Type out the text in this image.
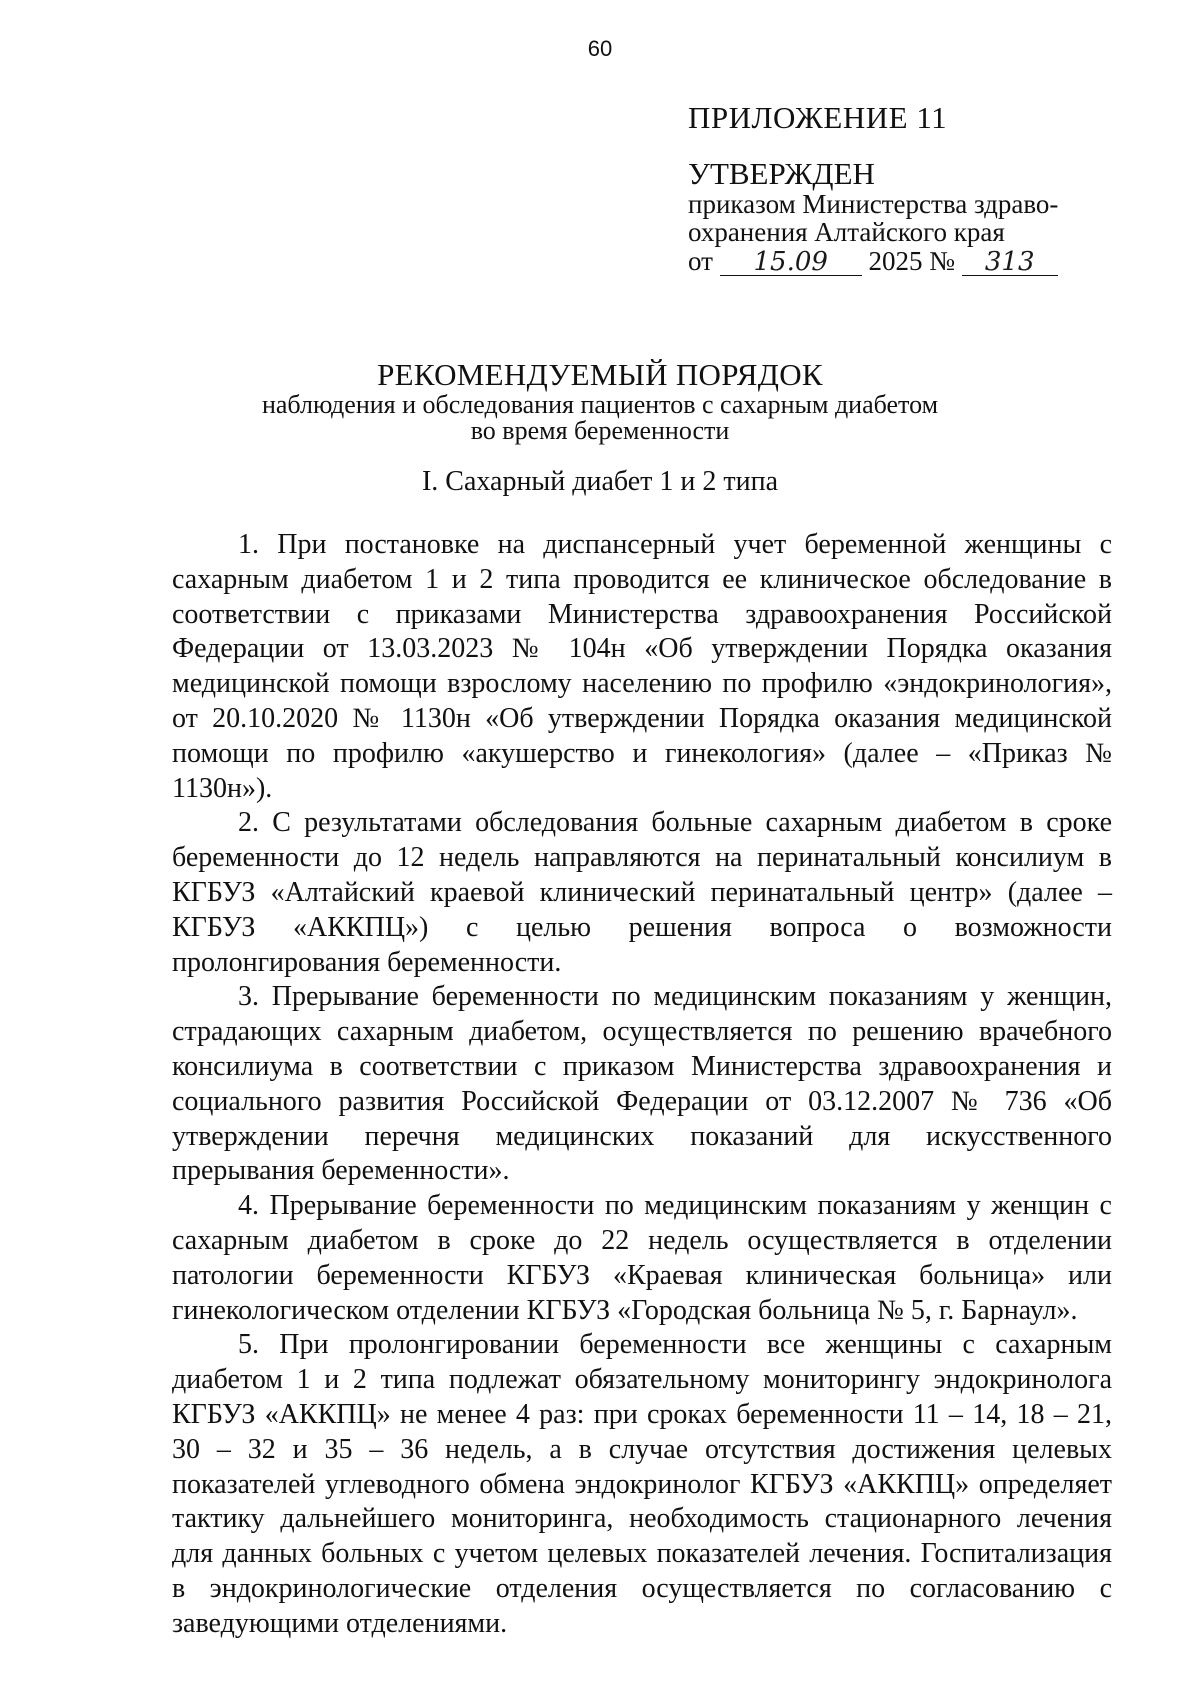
60

ПРИЛОЖЕНИЕ 11

УТВЕРЖДЕН

приказом Министерства здраво-

охранения Алтайского края

от 15.09 2025 № 313

РЕКОМЕНДУЕМЫЙ ПОРЯДОК

наблюдения и обследования пациентов с сахарным диабетом

во время беременности

I. Сахарный диабет 1 и 2 типа

1. При постановке на диспансерный учет беременной женщины с сахарным диабетом 1 и 2 типа проводится ее клиническое обследование в соответствии с приказами Министерства здравоохранения Российской Федерации от 13.03.2023 № 104н «Об утверждении Порядка оказания медицинской помощи взрослому населению по профилю «эндокринология», от 20.10.2020 № 1130н «Об утверждении Порядка оказания медицинской помощи по профилю «акушерство и гинекология» (далее – «Приказ № 1130н»).

2. С результатами обследования больные сахарным диабетом в сроке беременности до 12 недель направляются на перинатальный консилиум в КГБУЗ «Алтайский краевой клинический перинатальный центр» (далее – КГБУЗ «АККПЦ») с целью решения вопроса о возможности пролонгирования беременности.

3. Прерывание беременности по медицинским показаниям у женщин, страдающих сахарным диабетом, осуществляется по решению врачебного консилиума в соответствии с приказом Министерства здравоохранения и социального развития Российской Федерации от 03.12.2007 № 736 «Об утверждении перечня медицинских показаний для искусственного прерывания беременности».

4. Прерывание беременности по медицинским показаниям у женщин с сахарным диабетом в сроке до 22 недель осуществляется в отделении патологии беременности КГБУЗ «Краевая клиническая больница» или гинекологическом отделении КГБУЗ «Городская больница № 5, г. Барнаул».

5. При пролонгировании беременности все женщины с сахарным диабетом 1 и 2 типа подлежат обязательному мониторингу эндокринолога КГБУЗ «АККПЦ» не менее 4 раз: при сроках беременности 11 – 14, 18 – 21, 30 – 32 и 35 – 36 недель, а в случае отсутствия достижения целевых показателей углеводного обмена эндокринолог КГБУЗ «АККПЦ» определяет тактику дальнейшего мониторинга, необходимость стационарного лечения для данных больных с учетом целевых показателей лечения. Госпитализация в эндокринологические отделения осуществляется по согласованию с заведующими отделениями.
